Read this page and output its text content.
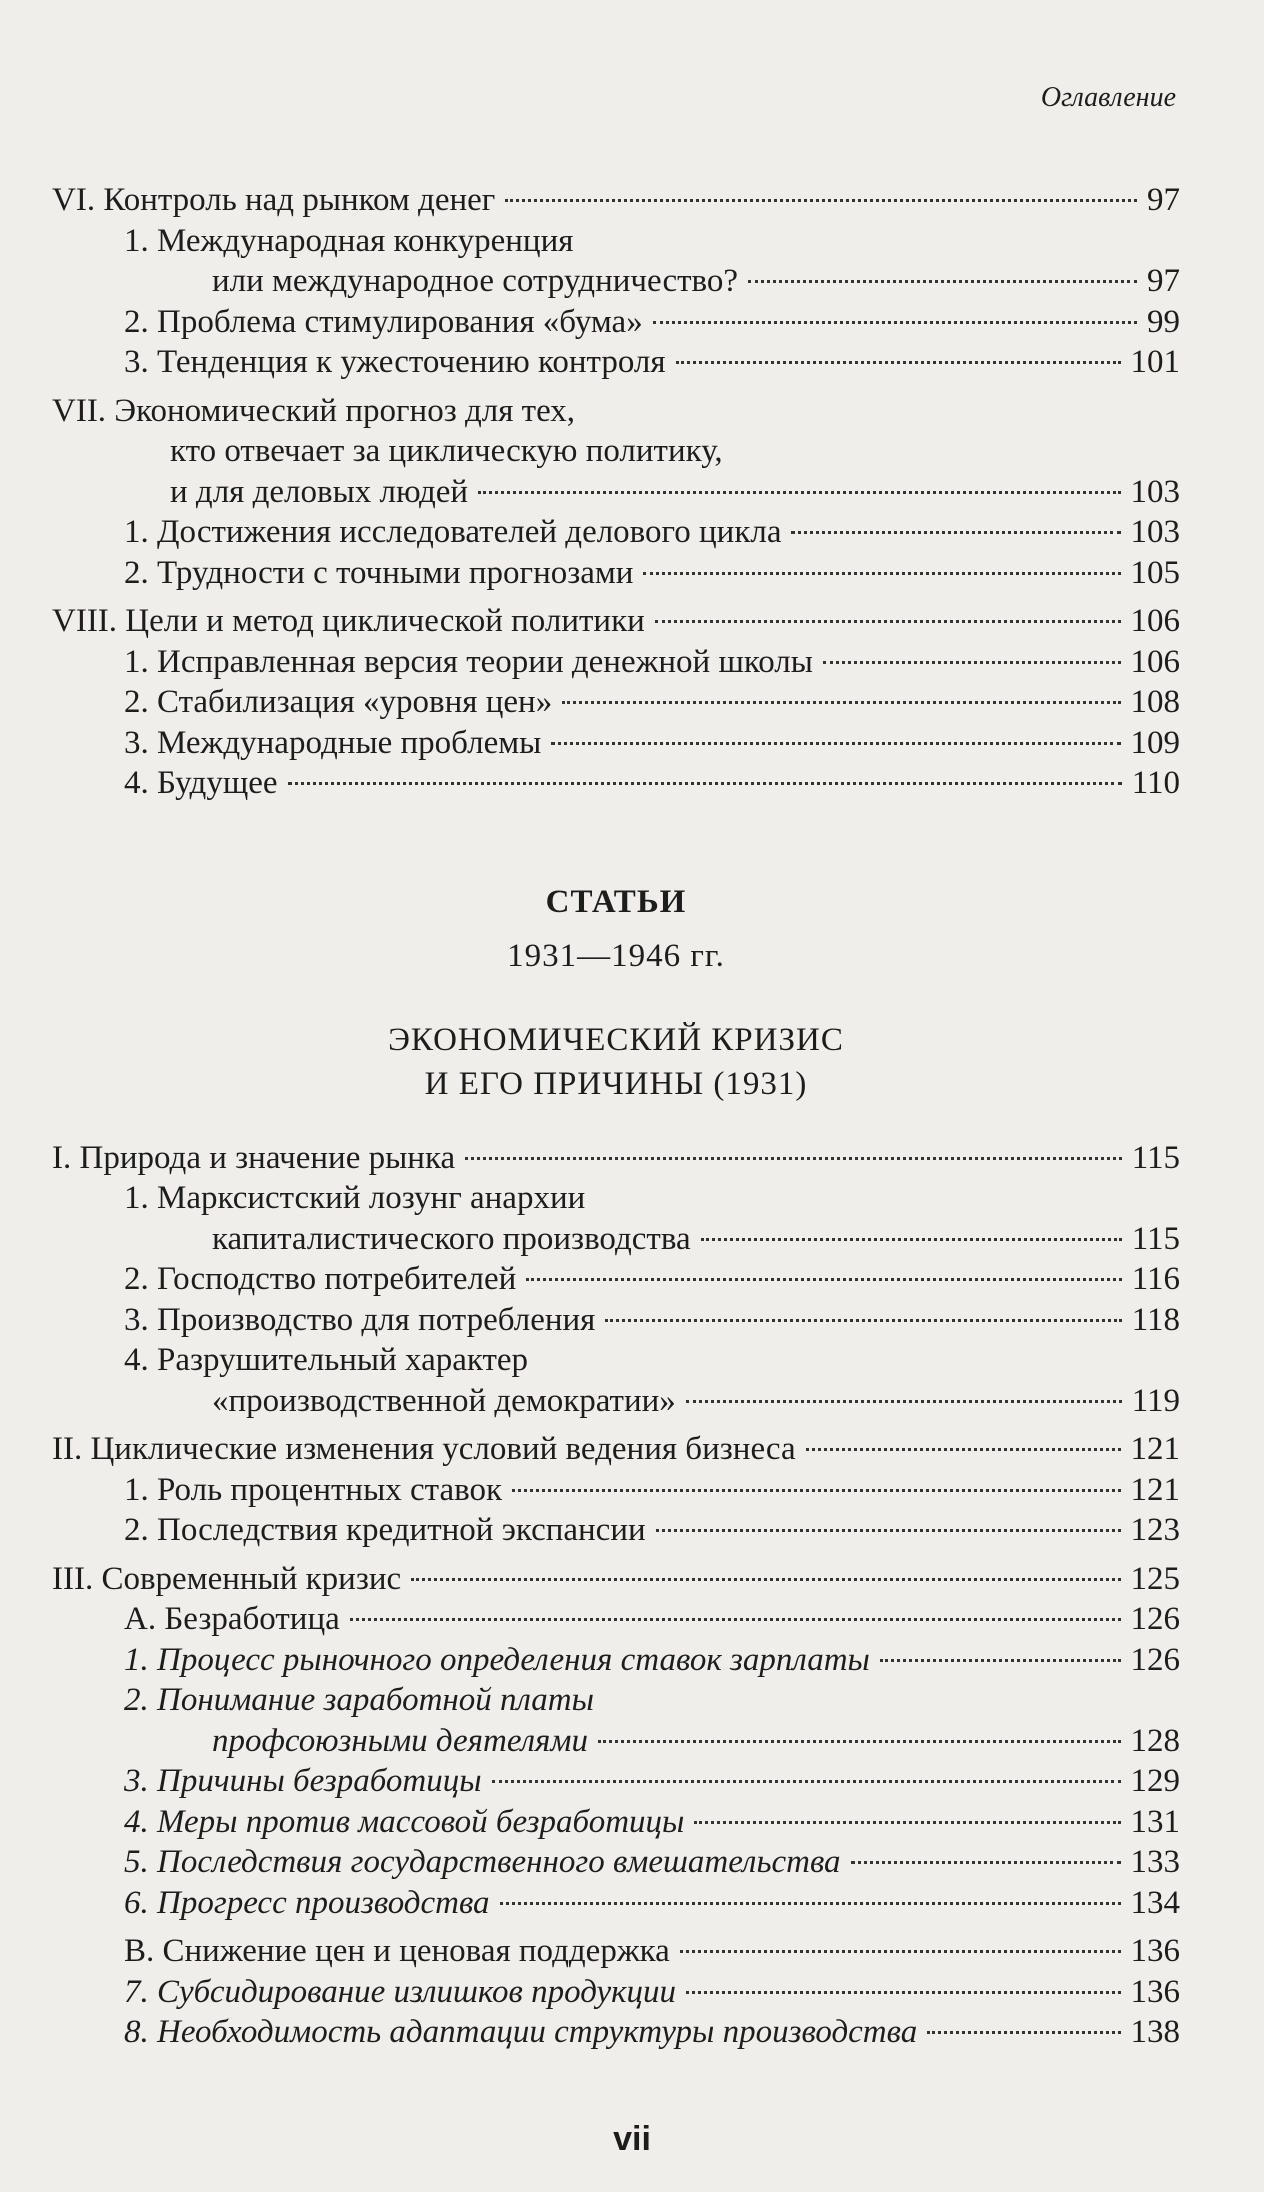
Оглавление
VI. Контроль над рынком денег	97
1. Международная конкуренция
или международное сотрудничество?	97
2. Проблема стимулирования «бума»	99
3. Тенденция к ужесточению контроля	101
VII. Экономический прогноз для тех,
кто отвечает за циклическую политику,
и для деловых людей	103
1. Достижения исследователей делового цикла	103
2. Трудности с точными прогнозами	105
VIII. Цели и метод циклической политики	106
1. Исправленная версия теории денежной школы	106
2. Стабилизация «уровня цен»	108
3. Международные проблемы	109
4. Будущее	110
СТАТЬИ
1931—1946 гг.
ЭКОНОМИЧЕСКИЙ КРИЗИС
И ЕГО ПРИЧИНЫ (1931)
I. Природа и значение рынка	115
1. Марксистский лозунг анархии
капиталистического производства	115
2. Господство потребителей	116
3. Производство для потребления	118
4. Разрушительный характер
«производственной демократии»	119
II. Циклические изменения условий ведения бизнеса	121
1. Роль процентных ставок	121
2. Последствия кредитной экспансии	123
III. Современный кризис	125
A. Безработица	126
1. Процесс рыночного определения ставок зарплаты	126
2. Понимание заработной платы
профсоюзными деятелями	128
3. Причины безработицы	129
4. Меры против массовой безработицы	131
5. Последствия государственного вмешательства	133
6. Прогресс производства	134
B. Снижение цен и ценовая поддержка	136
7. Субсидирование излишков продукции	136
8. Необходимость адаптации структуры производства	138
vii
